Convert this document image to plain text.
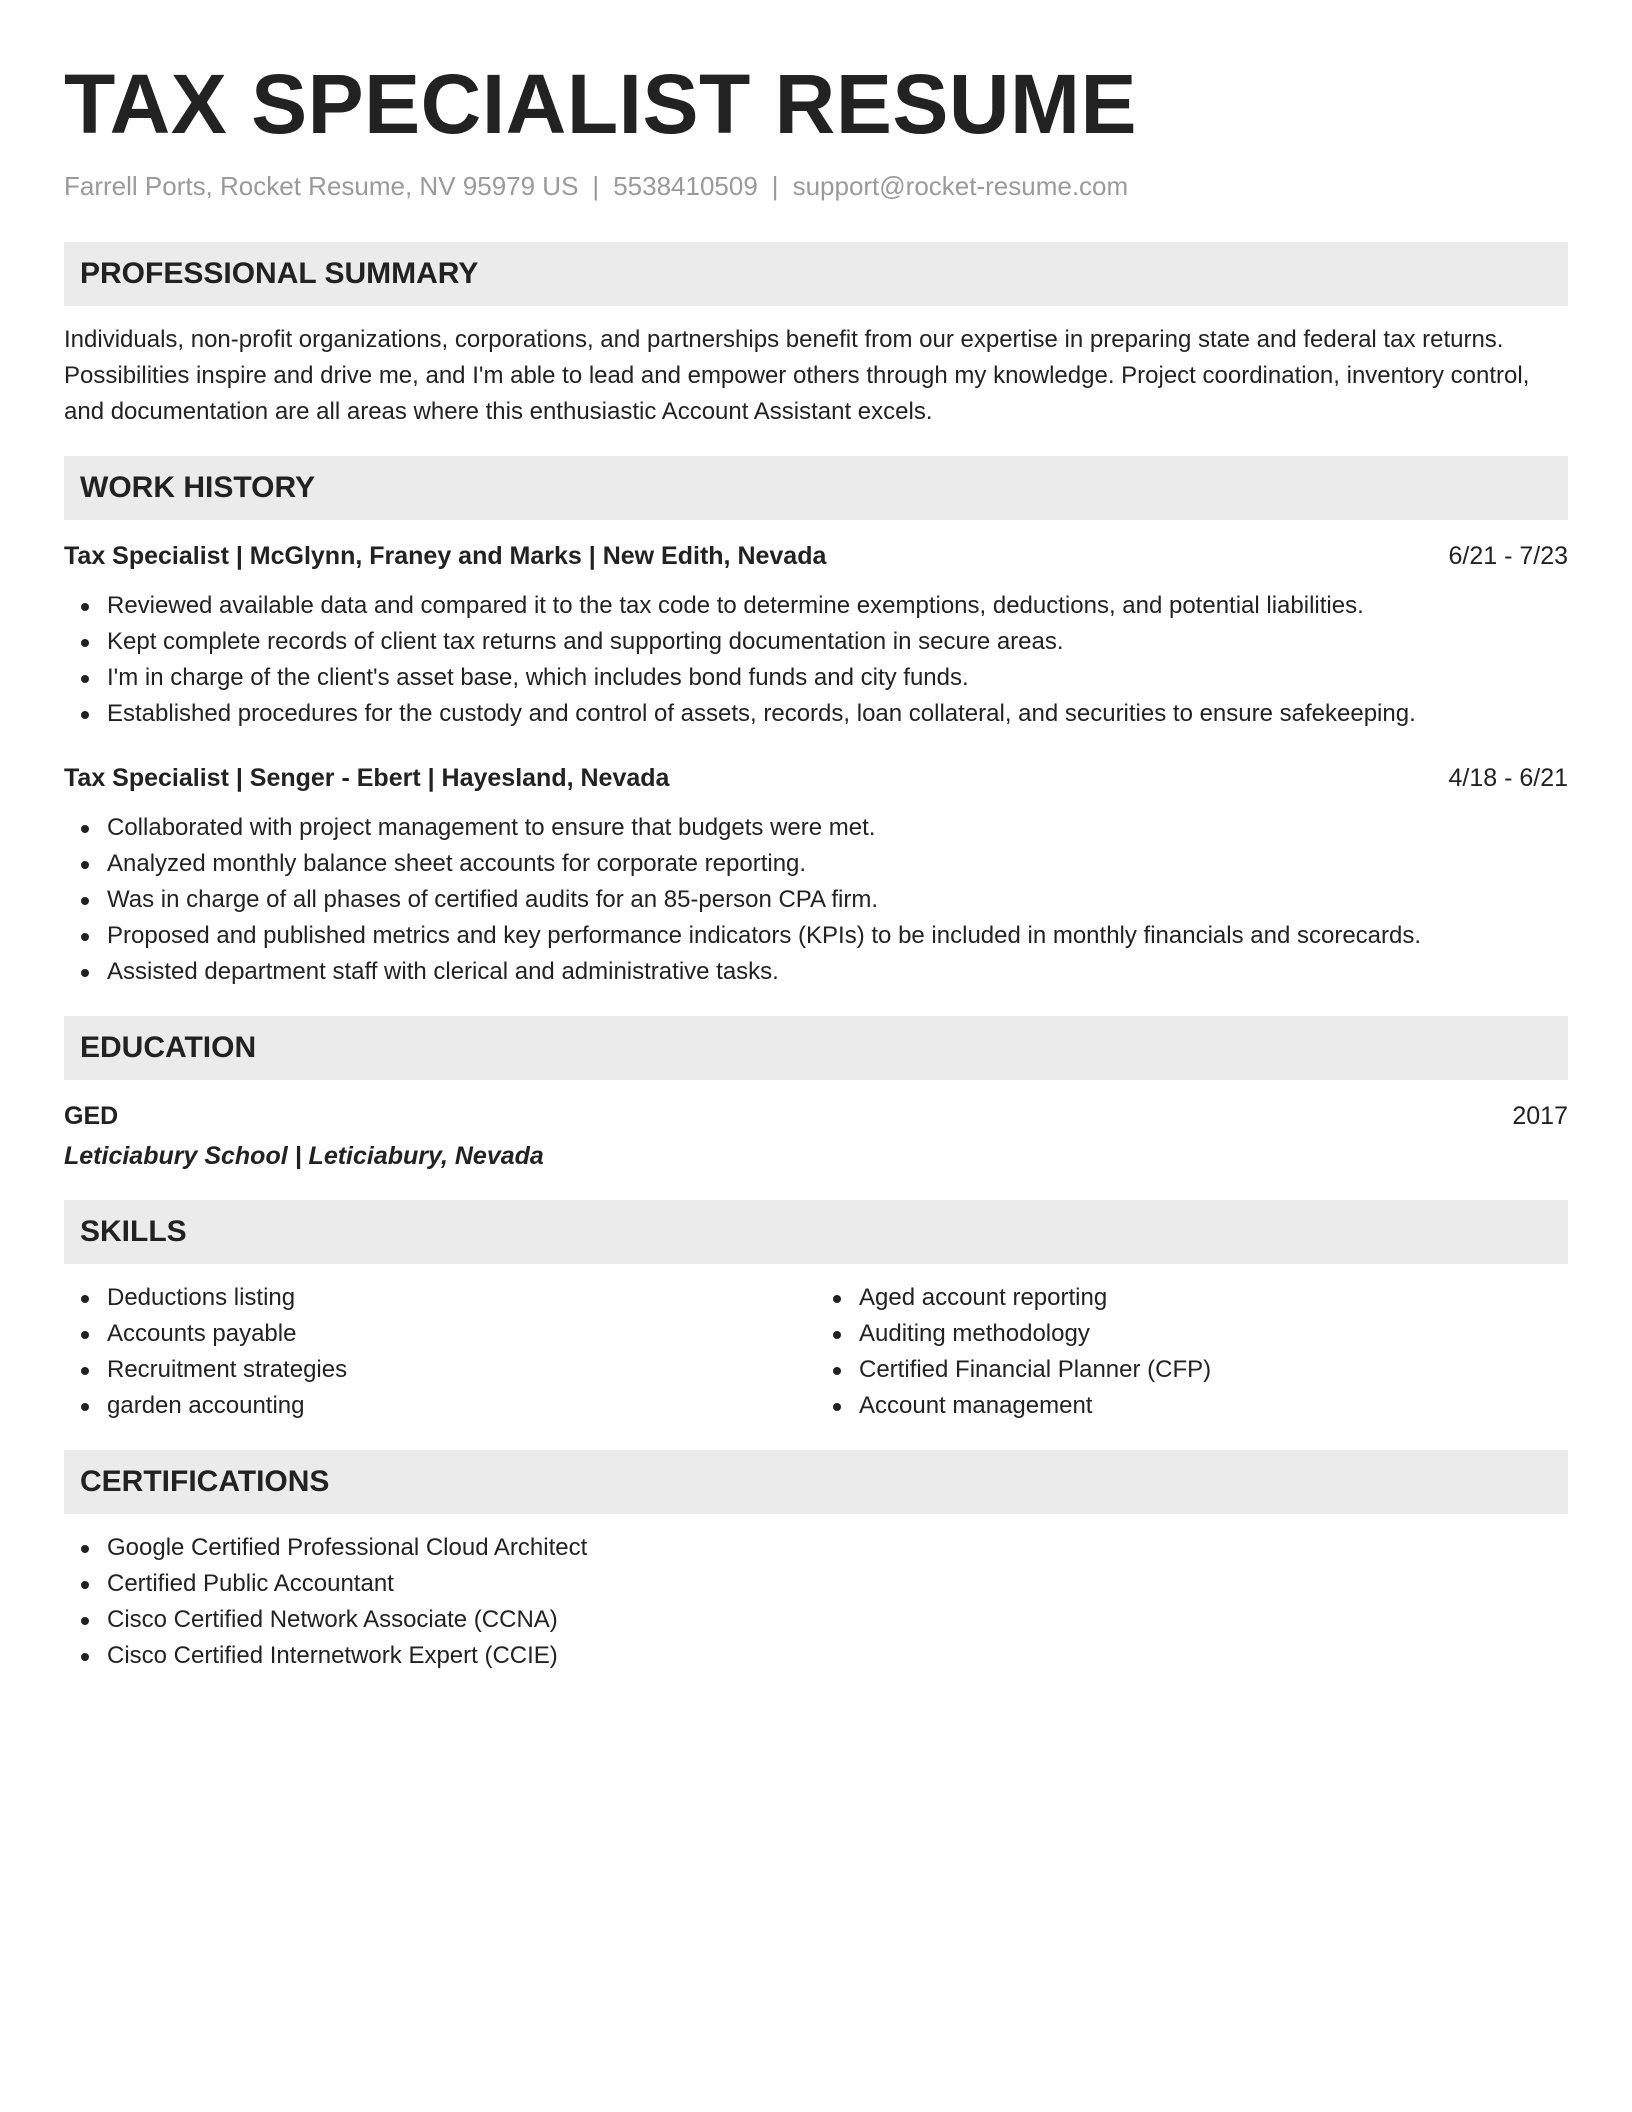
TAX SPECIALIST RESUME
Farrell Ports, Rocket Resume, NV 95979 US | 5538410509 | support@rocket-resume.com
PROFESSIONAL SUMMARY
Individuals, non-profit organizations, corporations, and partnerships benefit from our expertise in preparing state and federal tax returns. Possibilities inspire and drive me, and I'm able to lead and empower others through my knowledge. Project coordination, inventory control, and documentation are all areas where this enthusiastic Account Assistant excels.
WORK HISTORY
Tax Specialist | McGlynn, Franey and Marks | New Edith, Nevada	6/21 - 7/23
Reviewed available data and compared it to the tax code to determine exemptions, deductions, and potential liabilities.
Kept complete records of client tax returns and supporting documentation in secure areas.
I'm in charge of the client's asset base, which includes bond funds and city funds.
Established procedures for the custody and control of assets, records, loan collateral, and securities to ensure safekeeping.
Tax Specialist | Senger - Ebert | Hayesland, Nevada	4/18 - 6/21
Collaborated with project management to ensure that budgets were met.
Analyzed monthly balance sheet accounts for corporate reporting.
Was in charge of all phases of certified audits for an 85-person CPA firm.
Proposed and published metrics and key performance indicators (KPIs) to be included in monthly financials and scorecards.
Assisted department staff with clerical and administrative tasks.
EDUCATION
GED	2017
Leticiabury School | Leticiabury, Nevada
SKILLS
Deductions listing
Accounts payable
Recruitment strategies
garden accounting
Aged account reporting
Auditing methodology
Certified Financial Planner (CFP)
Account management
CERTIFICATIONS
Google Certified Professional Cloud Architect
Certified Public Accountant
Cisco Certified Network Associate (CCNA)
Cisco Certified Internetwork Expert (CCIE)
